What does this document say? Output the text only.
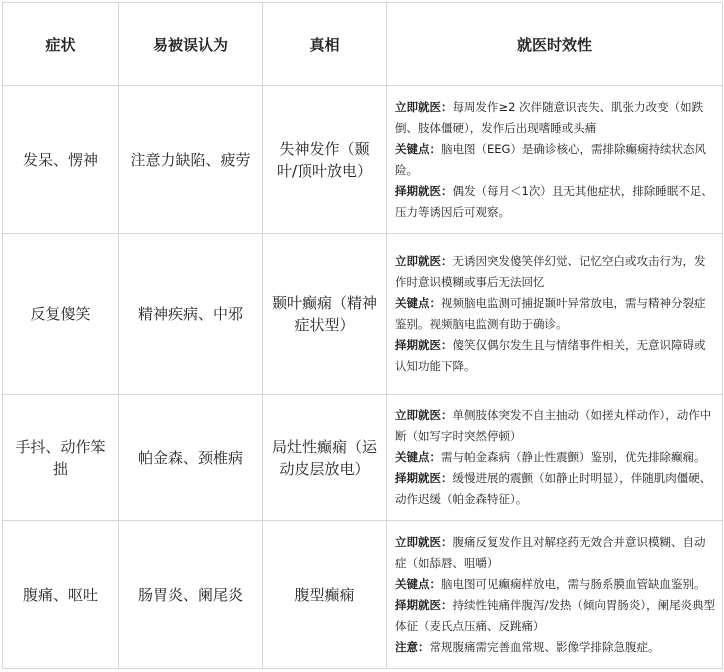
症状	易被误认为	真相	就医时效性
发呆、愣神	注意力缺陷、疲劳	失神发作（颞叶/顶叶放电）	立即就医：每周发作≥2 次伴随意识丧失、肌张力改变（如跌倒、肢体僵硬），发作后出现嗜睡或头痛

关键点：脑电图（EEG）是确诊核心，需排除癫痫持续状态风险。

择期就医：偶发（每月＜1次）且无其他症状，排除睡眠不足、压力等诱因后可观察。

反复傻笑	精神疾病、中邪	颞叶癫痫（精神症状型）	立即就医：无诱因突发傻笑伴幻觉、记忆空白或攻击行为，发作时意识模糊或事后无法回忆

关键点：视频脑电监测可捕捉颞叶异常放电，需与精神分裂症鉴别。视频脑电监测有助于确诊。

择期就医：傻笑仅偶尔发生且与情绪事件相关，无意识障碍或认知功能下降。

手抖、动作笨拙	帕金森、颈椎病	局灶性癫痫（运动皮层放电）	立即就医：单侧肢体突发不自主抽动（如搓丸样动作），动作中断（如写字时突然停顿）

关键点：需与帕金森病（静止性震颤）鉴别，优先排除癫痫。

择期就医：缓慢进展的震颤（如静止时明显），伴随肌肉僵硬、动作迟缓（帕金森特征）。

腹痛、呕吐	肠胃炎、阑尾炎	腹型癫痫	立即就医：腹痛反复发作且对解痉药无效合并意识模糊、自动症（如舔唇、咀嚼）

关键点：脑电图可见癫痫样放电，需与肠系膜血管缺血鉴别。

择期就医：持续性钝痛伴腹泻/发热（倾向胃肠炎），阑尾炎典型体征（麦氏点压痛、反跳痛）

注意：常规腹痛需完善血常规、影像学排除急腹症。
